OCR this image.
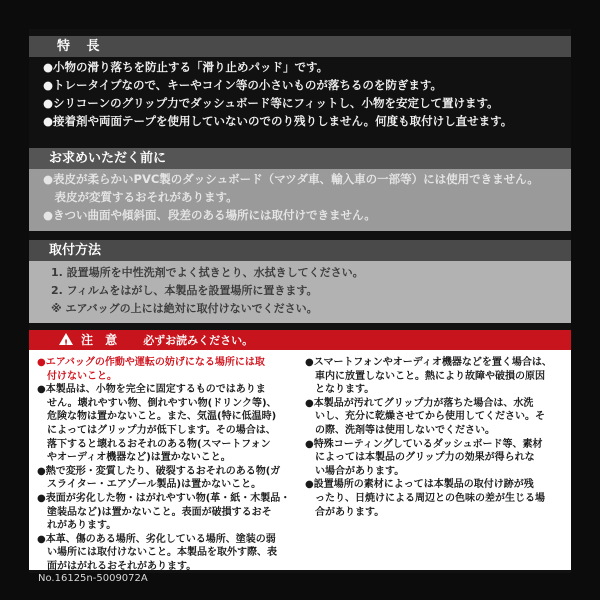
特 長
●小物の滑り落ちを防止する「滑り止めパッド」です。
●トレータイプなので、キーやコイン等の小さいものが落ちるのを防ぎます。
●シリコーンのグリップ力でダッシュボード等にフィットし、小物を安定して置けます。
●接着剤や両面テープを使用していないのでのり残りしません。何度も取付けし直せます。
お求めいただく前に
●表皮が柔らかいPVC製のダッシュボード（マツダ車、輸入車の一部等）には使用できません。
　表皮が変質するおそれがあります。
●きつい曲面や傾斜面、段差のある場所には取付けできません。
取付方法
1. 設置場所を中性洗剤でよく拭きとり、水拭きしてください。
2. フィルムをはがし、本製品を設置場所に置きます。
※ エアバッグの上には絶対に取付けないでください。
!注 意 必ずお読みください。

●エアバッグの作動や運転の妨げになる場所には取

　付けないこと。

●本製品は、小物を完全に固定するものではありま

　せん。壊れやすい物、倒れやすい物(ドリンク等)、

　危険な物は置かないこと。また、気温(特に低温時)

　によってはグリップ力が低下します。その場合は、

　落下すると壊れるおそれのある物(スマートフォン

　やオーディオ機器など)は置かないこと。

●熱で変形・変質したり、破裂するおそれのある物(ガ

　スライター・エアゾール製品)は置かないこと。

●表面が劣化した物・はがれやすい物(革・紙・木製品・

　塗装品など)は置かないこと。表面が破損するおそ

　れがあります。

●本革、傷のある場所、劣化している場所、塗装の弱

　い場所には取付けないこと。本製品を取外す際、表

　面がはがれるおそれがあります。

●スマートフォンやオーディオ機器などを置く場合は、

　車内に放置しないこと。熱により故障や破損の原因

　となります。

●本製品が汚れてグリップ力が落ちた場合は、水洗

　いし、充分に乾燥させてから使用してください。そ

　の際、洗剤等は使用しないでください。

●特殊コーティングしているダッシュボード等、素材

　によっては本製品のグリップ力の効果が得られな

　い場合があります。

●設置場所の素材によっては本製品の取付け跡が残

　ったり、日焼けによる周辺との色味の差が生じる場

　合があります。

No.16125n-5009072A
